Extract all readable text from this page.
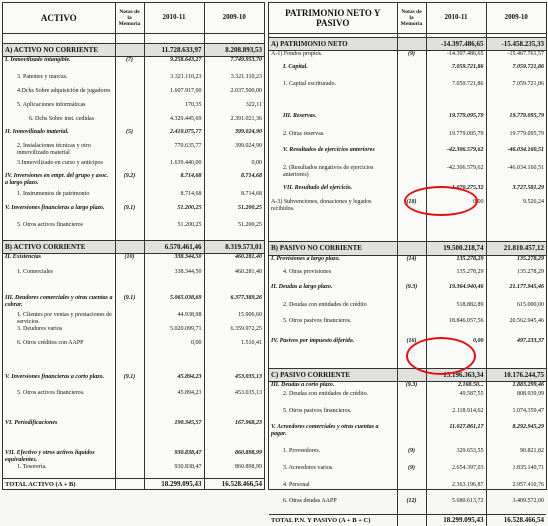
ACTIVO	Notas de la Memoria	2010-11	2009-10

A) ACTIVO NO CORRIENTE		11.728.633,97	8.208.893,53
I. Inmovilizado intangible.	(7)	9.258.643,27	7.749.953,70
3. Patentes y marcas.		3.321.110,23	3.321.110,23
4.Dchs Sobre adquisición de jugadores		1.607.917,00	2.037.500,00
5. Aplicaciones informáticas		170,35	322,11
6. Dchs Sobre inst. cedidas		4.329.445,69	2.391.021,36
II. Inmovilizado material.	(5)	2.410.075,77	399.024,90
2. Instalaciones técnicas y otro inmovilizado material		770.635,77	399.024,90
3.Inmovilizado en curso y anticipos		1.639.440,00	0,00
IV. Inversiones en empr. del grupo y asoc. a largo plazo.	(9.2)	8.714,68	8.714,68
1. Instrumentos de patrimonio		8.714,68	8.714,68
V. Inversiones financieras a largo plazo.	(9.1)	51.200,25	51.200,25
5. Otros activos financieros		51.200,25	51.200,25

B) ACTIVO CORRIENTE		6.570.461,46	8.319.573,01
II. Existencias	(10)	338.344,50	460.281,40
1. Comerciales		338.344,50	460.281,40
III. Deudores comerciales y otras cuentas a cobrar.	(9.1)	5.065.038,69	6.377.389,26
1. Clientes por ventas y prestaciones de servicios.		44.938,98	15.906,60
3. Deudores varios		5.020.099,71	6.359.972,25
6. Otros créditos con AAPP		0,00	1.510,41
V. Inversiones financieras a corto plazo.	(9.1)	45.894,23	453.035,13
5. Otros activos financieros.		45.894,23	453.035,13
VI. Periodificaciones		190.345,57	167.968,23
VII. Efectivo y otros activos líquidos equivalentes.		930.838,47	860.898,99
1. Tesorería.		930.838,47	860.898,99
TOTAL ACTIVO (A + B)		18.299.095,43	16.528.466,54
PATRIMONIO NETO Y PASIVO	Notas de la Memoria	2010-11	2009-10

A) PATRIMONIO NETO		-14.397.486,65	-15.458.235,33
A-1) Fondos propios.	(9)	-14.397.486,65	-15.467.761,57
I. Capital.		7.059.721,86	7.059.721,86
1. Capital escriturado.		7.059.721,86	7.059.721,86
III. Reservas.		19.779.095,79	19.779.095,79
2. Otras reservas.		19.779.095,79	19.779.095,79
V. Resultados de ejercicios anteriores		-42.306.579,62	-46.034.160,51
2. (Resultados negativos de ejercicios anteriores)		-42.306.579,62	-46.034.160,51
VII. Resultado del ejercicio.		1.070.275,32	3.727.581,29
A-3) Subvenciones, donaciones y legados recibidos.	(18)	0,00	9.526,24

B) PASIVO NO CORRIENTE		19.500.218,74	21.810.457,12
I. Provisiones a largo plazo.	(14)	135.278,29	135.278,29
4. Otras provisiones		135.278,29	135.278,29
II. Deudas a largo plazo.	(9.3)	19.364.940,46	21.177.945,46
2. Deudas con entidades de crédito		518.882,89	615.000,00
5. Otros pasivos financieros.		18.846.057,56	20.562.945,46
IV. Pasivos por impuesto diferido.	(16)	0,00	497.233,37

C) PASIVO CORRIENTE		13.196.363,34	10.176.244,75
III. Deudas a corto plazo.	(9.3)	2.168.50...	1.883.299,46
2. Deudas con entidades de crédito.		49.587,55	808.939,99
5. Otros pasivos financieros.		2.118.914,62	1.074.359,47
V. Acreedores comerciales y otras cuentas a pagar.		11.027.861,17	8.292.945,29
1. Proveedores.	(9)	329.653,55	90.821,82
3. Acreedores varios.	(9)	2.654.397,03	1.835.140,71
4. Personal		2.363.196,87	2.957.410,76
6. Otras deudas AAPP	(12)	5.680.613,72	3.409.572,00
TOTAL P.N. Y PASIVO (A + B + C)		18.299.095,43	16.528.466,54
